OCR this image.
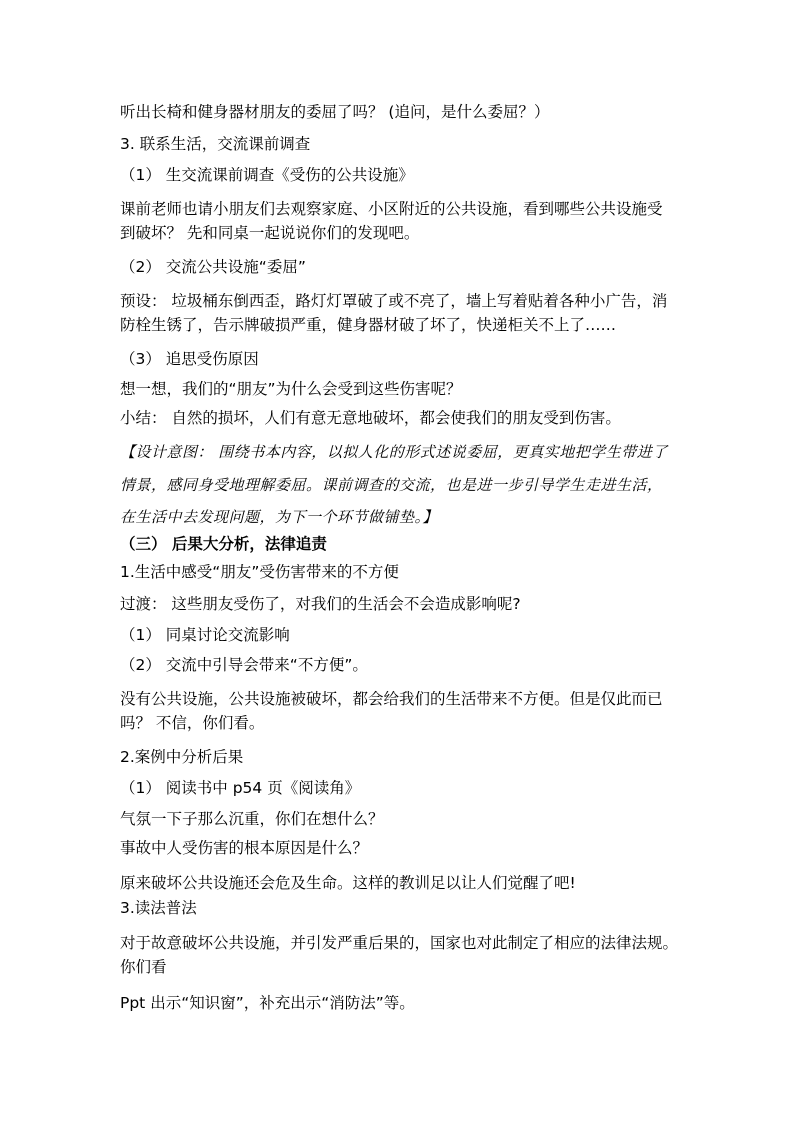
听出长椅和健身器材朋友的委屈了吗？ (追问，是什么委屈？）
3. 联系生活，交流课前调查
（1） 生交流课前调查《受伤的公共设施》
课前老师也请小朋友们去观察家庭、小区附近的公共设施，看到哪些公共设施受
到破坏？ 先和同桌一起说说你们的发现吧。
（2） 交流公共设施“委屈”
预设： 垃圾桶东倒西歪，路灯灯罩破了或不亮了，墙上写着贴着各种小广告，消
防栓生锈了，告示牌破损严重，健身器材破了坏了，快递柜关不上了……
（3） 追思受伤原因
想一想，我们的“朋友”为什么会受到这些伤害呢？
小结： 自然的损坏，人们有意无意地破坏，都会使我们的朋友受到伤害。
【设计意图： 围绕书本内容，以拟人化的形式述说委屈，更真实地把学生带进了
情景，感同身受地理解委屈。课前调查的交流，也是进一步引导学生走进生活，
在生活中去发现问题，为下一个环节做铺垫。】
（三） 后果大分析，法律追责
1.生活中感受“朋友”受伤害带来的不方便
过渡： 这些朋友受伤了，对我们的生活会不会造成影响呢?
（1） 同桌讨论交流影响
（2） 交流中引导会带来“不方便”。
没有公共设施，公共设施被破坏，都会给我们的生活带来不方便。但是仅此而已
吗？ 不信，你们看。
2.案例中分析后果
（1） 阅读书中 p54 页《阅读角》
气氛一下子那么沉重，你们在想什么？
事故中人受伤害的根本原因是什么？
原来破坏公共设施还会危及生命。这样的教训足以让人们觉醒了吧!
3.读法普法
对于故意破坏公共设施，并引发严重后果的，国家也对此制定了相应的法律法规。
你们看
Ppt 出示“知识窗”，补充出示“消防法”等。
